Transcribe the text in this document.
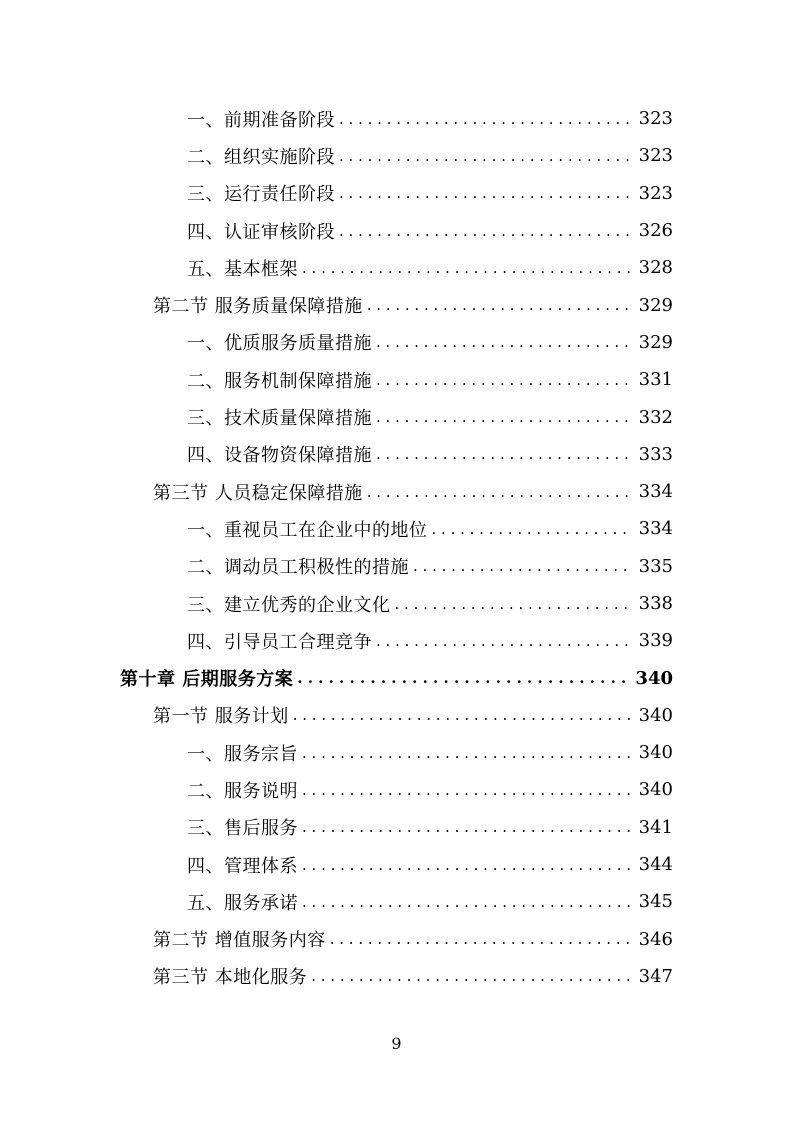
一、前期准备阶段 . . .	323
二、组织实施阶段 . . .	323
三、运行责任阶段 . . .	323
四、认证审核阶段 . . .	326
五、基本框架 . . .	328
第二节 服务质量保障措施 . . .	329
一、优质服务质量措施 . . .	329
二、服务机制保障措施 . . .	331
三、技术质量保障措施 . . .	332
四、设备物资保障措施 . . .	333
第三节 人员稳定保障措施 . . .	334
一、重视员工在企业中的地位 . . .	334
二、调动员工积极性的措施 . . .	335
三、建立优秀的企业文化 . . .	338
四、引导员工合理竞争 . . .	339
第十章 后期服务方案 . . .	340
第一节 服务计划 . . .	340
一、服务宗旨 . . .	340
二、服务说明 . . .	340
三、售后服务 . . .	341
四、管理体系 . . .	344
五、服务承诺 . . .	345
第二节 增值服务内容 . . .	346
第三节 本地化服务 . . .	347
9
